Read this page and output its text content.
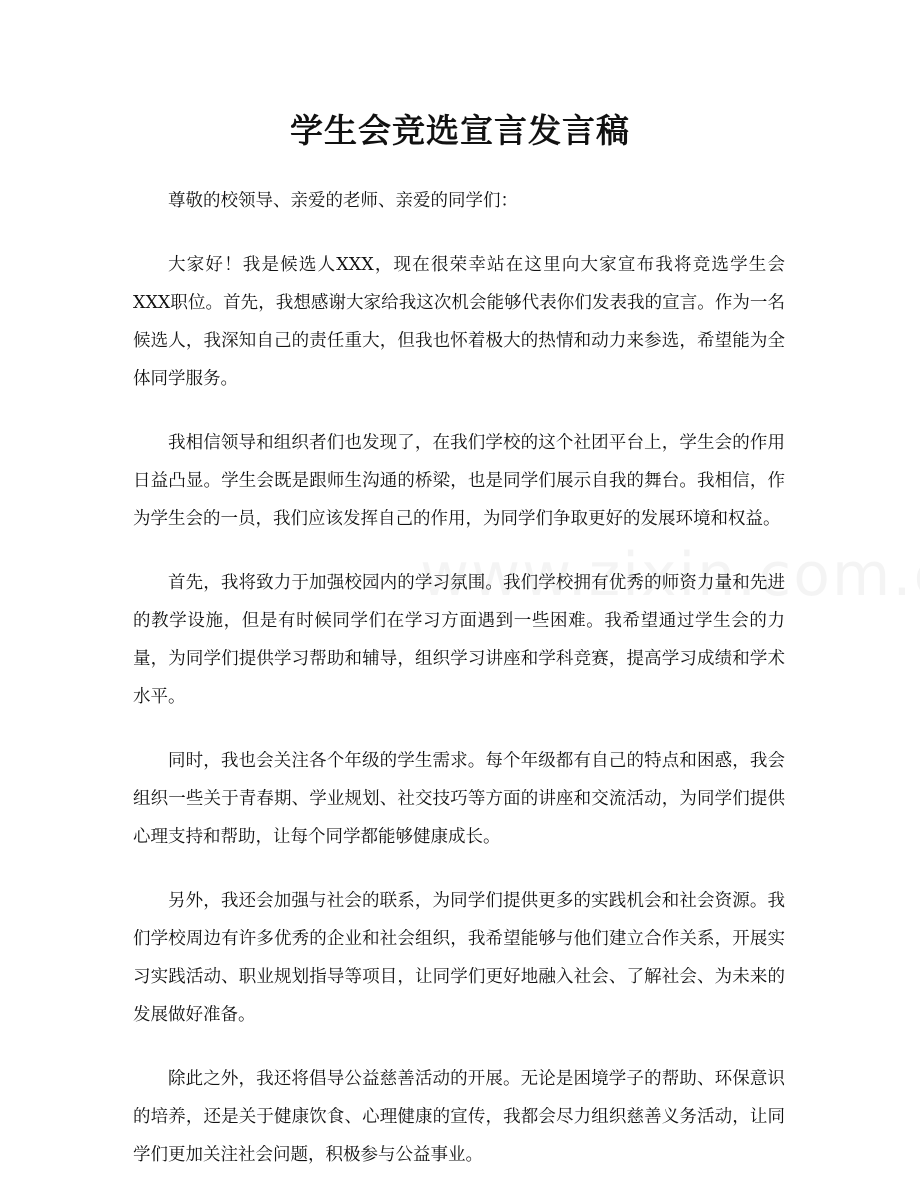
学生会竞选宣言发言稿

尊敬的校领导、亲爱的老师、亲爱的同学们：

大家好！我是候选人XXX，现在很荣幸站在这里向大家宣布我将竞选学生会XXX职位。首先，我想感谢大家给我这次机会能够代表你们发表我的宣言。作为一名候选人，我深知自己的责任重大，但我也怀着极大的热情和动力来参选，希望能为全体同学服务。

我相信领导和组织者们也发现了，在我们学校的这个社团平台上，学生会的作用日益凸显。学生会既是跟师生沟通的桥梁，也是同学们展示自我的舞台。我相信，作为学生会的一员，我们应该发挥自己的作用，为同学们争取更好的发展环境和权益。

首先，我将致力于加强校园内的学习氛围。我们学校拥有优秀的师资力量和先进的教学设施，但是有时候同学们在学习方面遇到一些困难。我希望通过学生会的力量，为同学们提供学习帮助和辅导，组织学习讲座和学科竞赛，提高学习成绩和学术水平。

同时，我也会关注各个年级的学生需求。每个年级都有自己的特点和困惑，我会组织一些关于青春期、学业规划、社交技巧等方面的讲座和交流活动，为同学们提供心理支持和帮助，让每个同学都能够健康成长。

另外，我还会加强与社会的联系，为同学们提供更多的实践机会和社会资源。我们学校周边有许多优秀的企业和社会组织，我希望能够与他们建立合作关系，开展实习实践活动、职业规划指导等项目，让同学们更好地融入社会、了解社会、为未来的发展做好准备。

除此之外，我还将倡导公益慈善活动的开展。无论是困境学子的帮助、环保意识的培养，还是关于健康饮食、心理健康的宣传，我都会尽力组织慈善义务活动，让同学们更加关注社会问题，积极参与公益事业。
